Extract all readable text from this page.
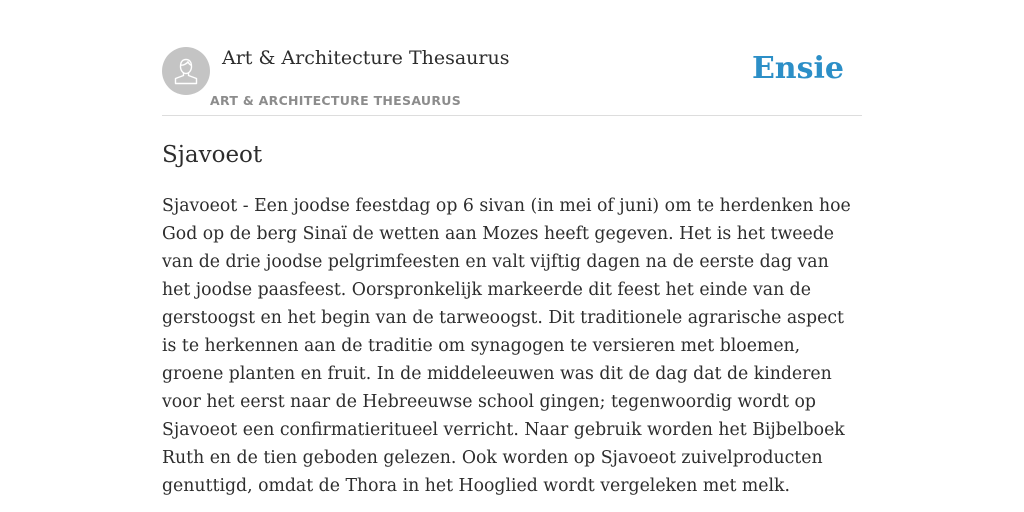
Art & Architecture Thesaurus
ART & ARCHITECTURE THESAURUS
Ensie
Sjavoeot

Sjavoeot - Een joodse feestdag op 6 sivan (in mei of juni) om te herdenken hoe God op de berg Sinaï de wetten aan Mozes heeft gegeven. Het is het tweede van de drie joodse pelgrimfeesten en valt vijftig dagen na de eerste dag van het joodse paasfeest. Oorspronkelijk markeerde dit feest het einde van de gerstoogst en het begin van de tarweoogst. Dit traditionele agrarische aspect is te herkennen aan de traditie om synagogen te versieren met bloemen, groene planten en fruit. In de middeleeuwen was dit de dag dat de kinderen voor het eerst naar de Hebreeuwse school gingen; tegenwoordig wordt op Sjavoeot een confirmatieritueel verricht. Naar gebruik worden het Bijbelboek Ruth en de tien geboden gelezen. Ook worden op Sjavoeot zuivelproducten genuttigd, omdat de Thora in het Hooglied wordt vergeleken met melk.
